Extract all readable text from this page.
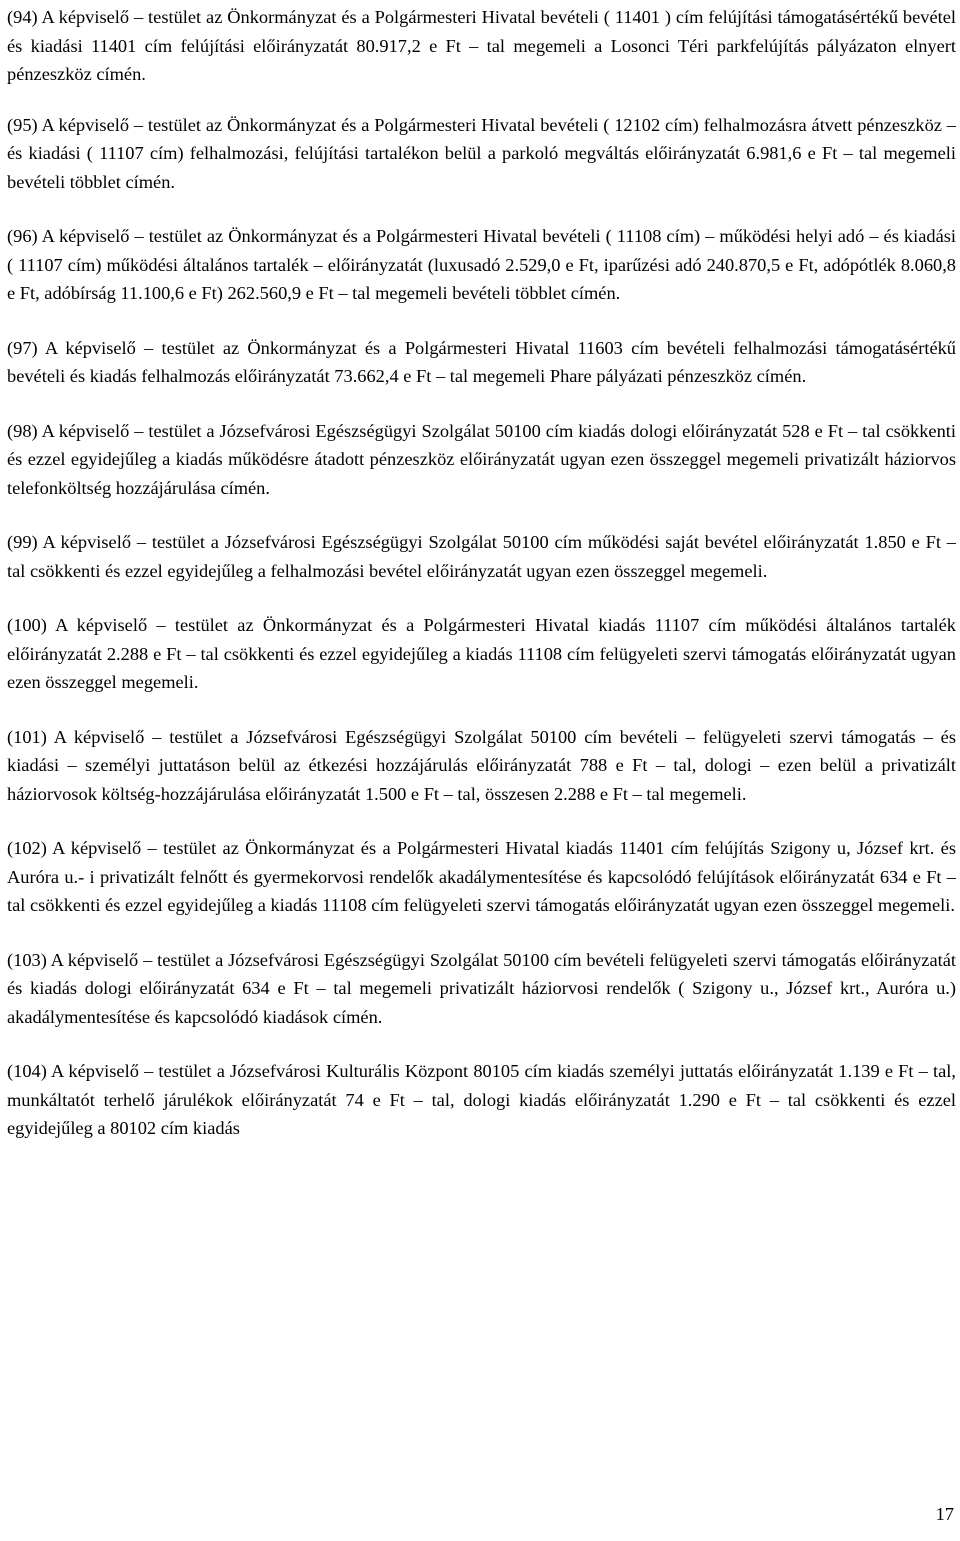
(94) A képviselő – testület az Önkormányzat és a Polgármesteri Hivatal bevételi ( 11401 ) cím felújítási támogatásértékű bevétel és kiadási 11401 cím felújítási előirányzatát 80.917,2 e Ft – tal megemeli a Losonci Téri parkfelújítás pályázaton elnyert pénzeszköz címén.

(95) A képviselő – testület az Önkormányzat és a Polgármesteri Hivatal bevételi ( 12102 cím) felhalmozásra átvett pénzeszköz – és kiadási ( 11107 cím) felhalmozási, felújítási tartalékon belül a parkoló megváltás előirányzatát 6.981,6 e Ft – tal megemeli bevételi többlet címén.

(96) A képviselő – testület az Önkormányzat és a Polgármesteri Hivatal bevételi ( 11108 cím) – működési helyi adó – és kiadási ( 11107 cím) működési általános tartalék – előirányzatát (luxusadó 2.529,0 e Ft, iparűzési adó 240.870,5 e Ft, adópótlék 8.060,8 e Ft, adóbírság 11.100,6 e Ft) 262.560,9 e Ft – tal megemeli bevételi többlet címén.

(97) A képviselő – testület az Önkormányzat és a Polgármesteri Hivatal 11603 cím bevételi felhalmozási támogatásértékű bevételi és kiadás felhalmozás előirányzatát 73.662,4 e Ft – tal megemeli Phare pályázati pénzeszköz címén.

(98) A képviselő – testület a Józsefvárosi Egészségügyi Szolgálat 50100 cím kiadás dologi előirányzatát 528 e Ft – tal csökkenti és ezzel egyidejűleg a kiadás működésre átadott pénzeszköz előirányzatát ugyan ezen összeggel megemeli privatizált háziorvos telefonköltség hozzájárulása címén.

(99) A képviselő – testület a Józsefvárosi Egészségügyi Szolgálat 50100 cím működési saját bevétel előirányzatát 1.850 e Ft – tal csökkenti és ezzel egyidejűleg a felhalmozási bevétel előirányzatát ugyan ezen összeggel megemeli.

(100) A képviselő – testület az Önkormányzat és a Polgármesteri Hivatal kiadás 11107 cím működési általános tartalék előirányzatát 2.288 e Ft – tal csökkenti és ezzel egyidejűleg a kiadás 11108 cím felügyeleti szervi támogatás előirányzatát ugyan ezen összeggel megemeli.

(101) A képviselő – testület a Józsefvárosi Egészségügyi Szolgálat 50100 cím bevételi – felügyeleti szervi támogatás – és kiadási – személyi juttatáson belül az étkezési hozzájárulás előirányzatát 788 e Ft – tal, dologi – ezen belül a privatizált háziorvosok költség-hozzájárulása előirányzatát 1.500 e Ft – tal, összesen 2.288 e Ft – tal megemeli.

(102) A képviselő – testület az Önkormányzat és a Polgármesteri Hivatal kiadás 11401 cím felújítás Szigony u, József krt. és Auróra u.- i privatizált felnőtt és gyermekorvosi rendelők akadálymentesítése és kapcsolódó felújítások előirányzatát 634 e Ft – tal csökkenti és ezzel egyidejűleg a kiadás 11108 cím felügyeleti szervi támogatás előirányzatát ugyan ezen összeggel megemeli.

(103) A képviselő – testület a Józsefvárosi Egészségügyi Szolgálat 50100 cím bevételi felügyeleti szervi támogatás előirányzatát és kiadás dologi előirányzatát 634 e Ft – tal megemeli privatizált háziorvosi rendelők ( Szigony u., József krt., Auróra u.) akadálymentesítése és kapcsolódó kiadások címén.

(104) A képviselő – testület a Józsefvárosi Kulturális Központ 80105 cím kiadás személyi juttatás előirányzatát 1.139 e Ft – tal, munkáltatót terhelő járulékok előirányzatát 74 e Ft – tal, dologi kiadás előirányzatát 1.290 e Ft – tal csökkenti és ezzel egyidejűleg a 80102 cím kiadás

17
